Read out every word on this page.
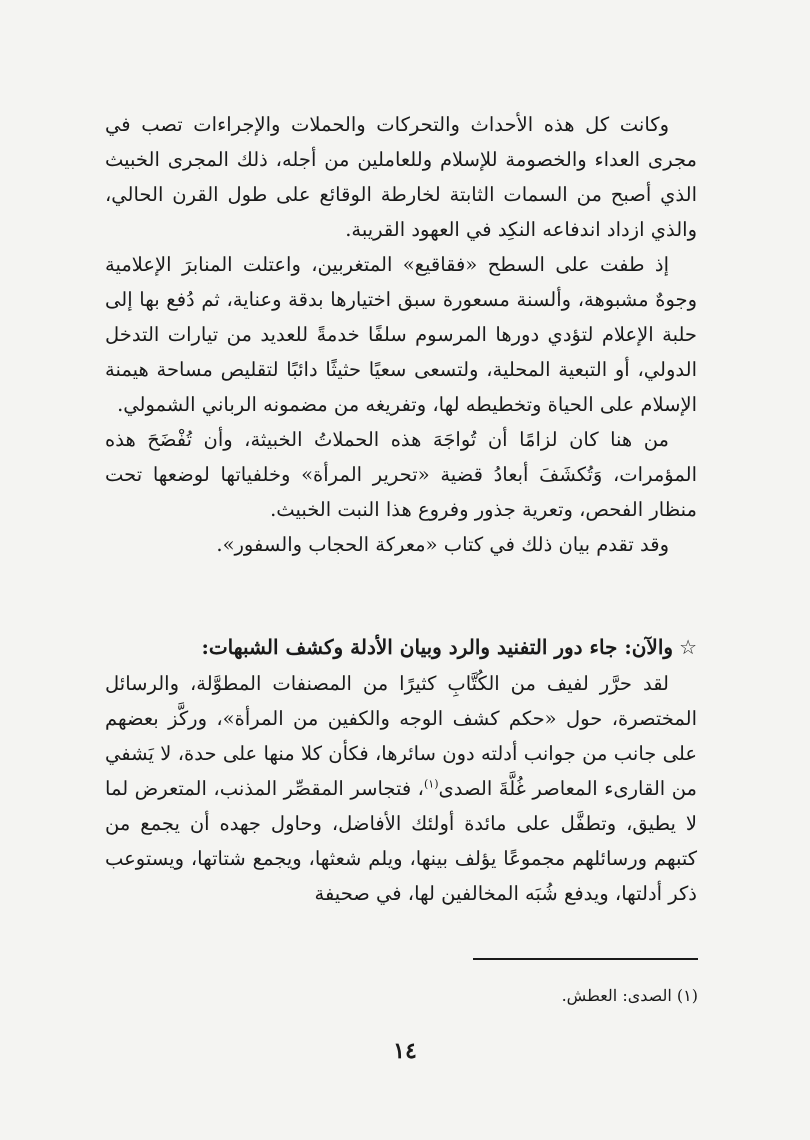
وكانت كل هذه الأحداث والتحركات والحملات والإجراءات تصب في مجرى العداء والخصومة للإسلام وللعاملين من أجله، ذلك المجرى الخبيث الذي أصبح من السمات الثابتة لخارطة الوقائع على طول القرن الحالي، والذي ازداد اندفاعه النكِد في العهود القريبة.

إذ طفت على السطح «فقاقيع» المتغربين، واعتلت المنابرَ الإعلامية وجوهٌ مشبوهة، وألسنة مسعورة سبق اختيارها بدقة وعناية، ثم دُفع بها إلى حلبة الإعلام لتؤدي دورها المرسوم سلفًا خدمةً للعديد من تيارات التدخل الدولي، أو التبعية المحلية، ولتسعى سعيًا حثيثًا دائبًا لتقليص مساحة هيمنة الإسلام على الحياة وتخطيطه لها، وتفريغه من مضمونه الرباني الشمولي.

من هنا كان لزامًا أن تُواجَهَ هذه الحملاتُ الخبيثة، وأن تُفْضَحَ هذه المؤمرات، وَتُكشَفَ أبعادُ قضية «تحرير المرأة» وخلفياتها لوضعها تحت منظار الفحص، وتعرية جذور وفروع هذا النبت الخبيث.

وقد تقدم بيان ذلك في كتاب «معركة الحجاب والسفور».

☆والآن: جاء دور التفنيد والرد وبيان الأدلة وكشف الشبهات:

لقد حرَّر لفيف من الكُتَّابِ كثيرًا من المصنفات المطوَّلة، والرسائل المختصرة، حول «حكم كشف الوجه والكفين من المرأة»، وركَّز بعضهم على جانب من جوانب أدلته دون سائرها، فكأن كلا منها على حدة، لا يَشفي من القارىء المعاصر غُلَّةَ الصدى$^{(١)}$، فتجاسر المقصِّر المذنب، المتعرض لما لا يطيق، وتطفَّل على مائدة أولئك الأفاضل، وحاول جهده أن يجمع من كتبهم ورسائلهم مجموعًا يؤلف بينها، ويلم شعثها، ويجمع شتاتها، ويستوعب ذكر أدلتها، ويدفع شُبَه المخالفين لها، في صحيفة

(١) الصدى: العطش.
١٤
